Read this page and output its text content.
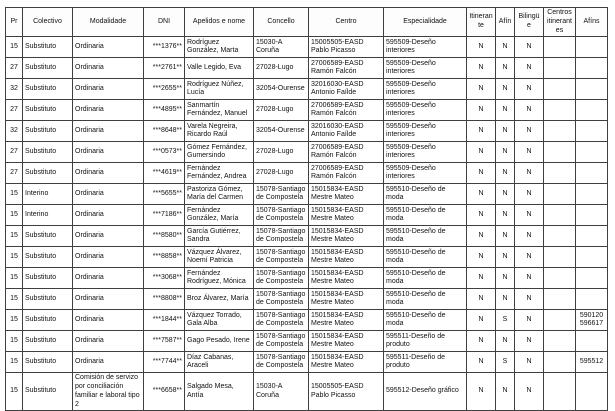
Pr	Colectivo	Modalidade	DNI	Apelidos e nome	Concello	Centro	Especialidade	Itinerante	Afín	Bilingüe	Centros itinerantes	Afíns
15	Substituto	Ordinaria	***1376**	Rodríguez González, Marta	15030-A Coruña	15005505-EASD Pablo Picasso	595509-Deseño interiores	N	N	N		
27	Substituto	Ordinaria	***2761**	Valle Legido, Eva	27028-Lugo	27006589-EASD Ramón Falcón	595509-Deseño interiores	N	N	N		
32	Substituto	Ordinaria	***2655**	Rodríguez Núñez, Lucía	32054-Ourense	32016030-EASD Antonio Faílde	595509-Deseño interiores	N	N	N		
27	Substituto	Ordinaria	***4895**	Sanmartín Fernández, Manuel	27028-Lugo	27006589-EASD Ramón Falcón	595509-Deseño interiores	N	N	N		
32	Substituto	Ordinaria	***8648**	Varela Negreira, Ricardo Raúl	32054-Ourense	32016030-EASD Antonio Faílde	595509-Deseño interiores	N	N	N		
27	Substituto	Ordinaria	***0573**	Gómez Fernández, Gumersindo	27028-Lugo	27006589-EASD Ramón Falcón	595509-Deseño interiores	N	N	N		
27	Substituto	Ordinaria	***4619**	Fernández Fernández, Andrea	27028-Lugo	27006589-EASD Ramón Falcón	595509-Deseño interiores	N	N	N		
15	Interino	Ordinaria	***5655**	Pastoriza Gómez, María del Carmen	15078-Santiago de Compostela	15015834-EASD Mestre Mateo	595510-Deseño de moda	N	N	N		
15	Interino	Ordinaria	***7186**	Fernández González, María	15078-Santiago de Compostela	15015834-EASD Mestre Mateo	595510-Deseño de moda	N	N	N		
15	Substituto	Ordinaria	***8580**	García Gutiérrez, Sandra	15078-Santiago de Compostela	15015834-EASD Mestre Mateo	595510-Deseño de moda	N	N	N		
15	Substituto	Ordinaria	***8858**	Vázquez Álvarez, Noemí Patricia	15078-Santiago de Compostela	15015834-EASD Mestre Mateo	595510-Deseño de moda	N	N	N		
15	Substituto	Ordinaria	***3068**	Fernández Rodríguez, Mónica	15078-Santiago de Compostela	15015834-EASD Mestre Mateo	595510-Deseño de moda	N	N	N		
15	Substituto	Ordinaria	***8808**	Broz Álvarez, María	15078-Santiago de Compostela	15015834-EASD Mestre Mateo	595510-Deseño de moda	N	N	N		
15	Substituto	Ordinaria	***1844**	Vázquez Torrado, Gala Alba	15078-Santiago de Compostela	15015834-EASD Mestre Mateo	595510-Deseño de moda	N	S	N		590120 596617
15	Substituto	Ordinaria	***7587**	Gago Pesado, Irene	15078-Santiago de Compostela	15015834-EASD Mestre Mateo	595511-Deseño de produto	N	N	N		
15	Substituto	Ordinaria	***7744**	Díaz Cabanas, Araceli	15078-Santiago de Compostela	15015834-EASD Mestre Mateo	595511-Deseño de produto	N	S	N		595512
15	Substituto	Comisión de servizo por conciliación familiar e laboral tipo 2	***6658**	Salgado Mesa, Antía	15030-A Coruña	15005505-EASD Pablo Picasso	595512-Deseño gráfico	N	N	N		
